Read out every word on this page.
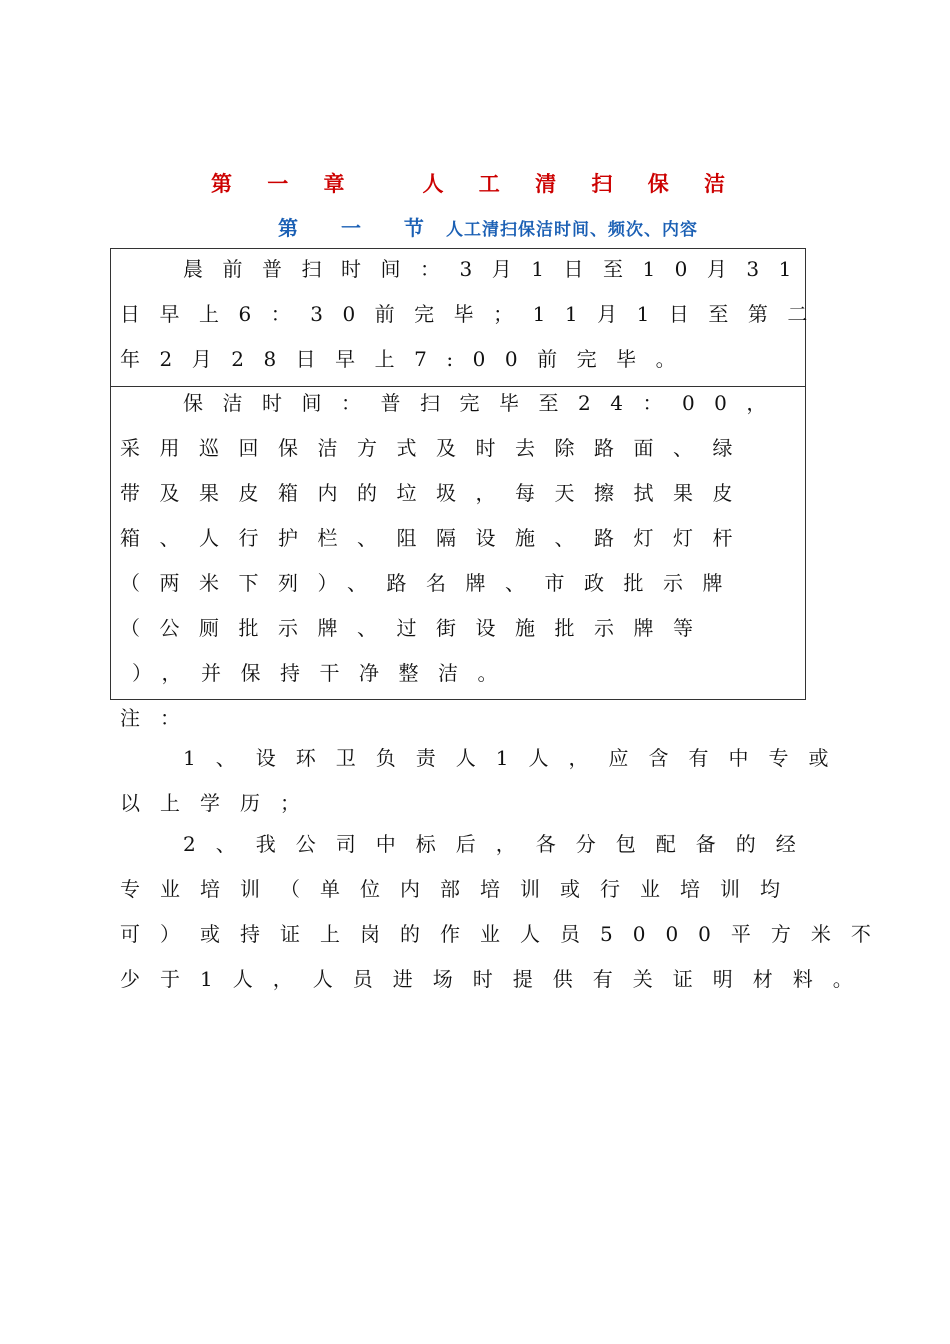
第 一 章   人 工 清 扫 保 洁
第 一 节 人工清扫保洁时间、频次、内容
晨前普扫时间：3月1日至10月31
日早上6：30前完毕；11月1日至第二
年2月28日早上7:00前完毕。
保洁时间：普扫完毕至24：00，
采用巡回保洁方式及时去除路面、绿
带及果皮箱内的垃圾，每天擦拭果皮
箱、人行护栏、阻隔设施、路灯灯杆
（两米下列）、路名牌、市政批示牌
（公厕批示牌、过街设施批示牌等
），并保持干净整洁。
注：
1、设环卫负责人1人，应含有中专或
以上学历；
2、我公司中标后，各分包配备的经
专业培训（单位内部培训或行业培训均
可）或持证上岗的作业人员5000平方米不
少于1人，人员进场时提供有关证明材料。
